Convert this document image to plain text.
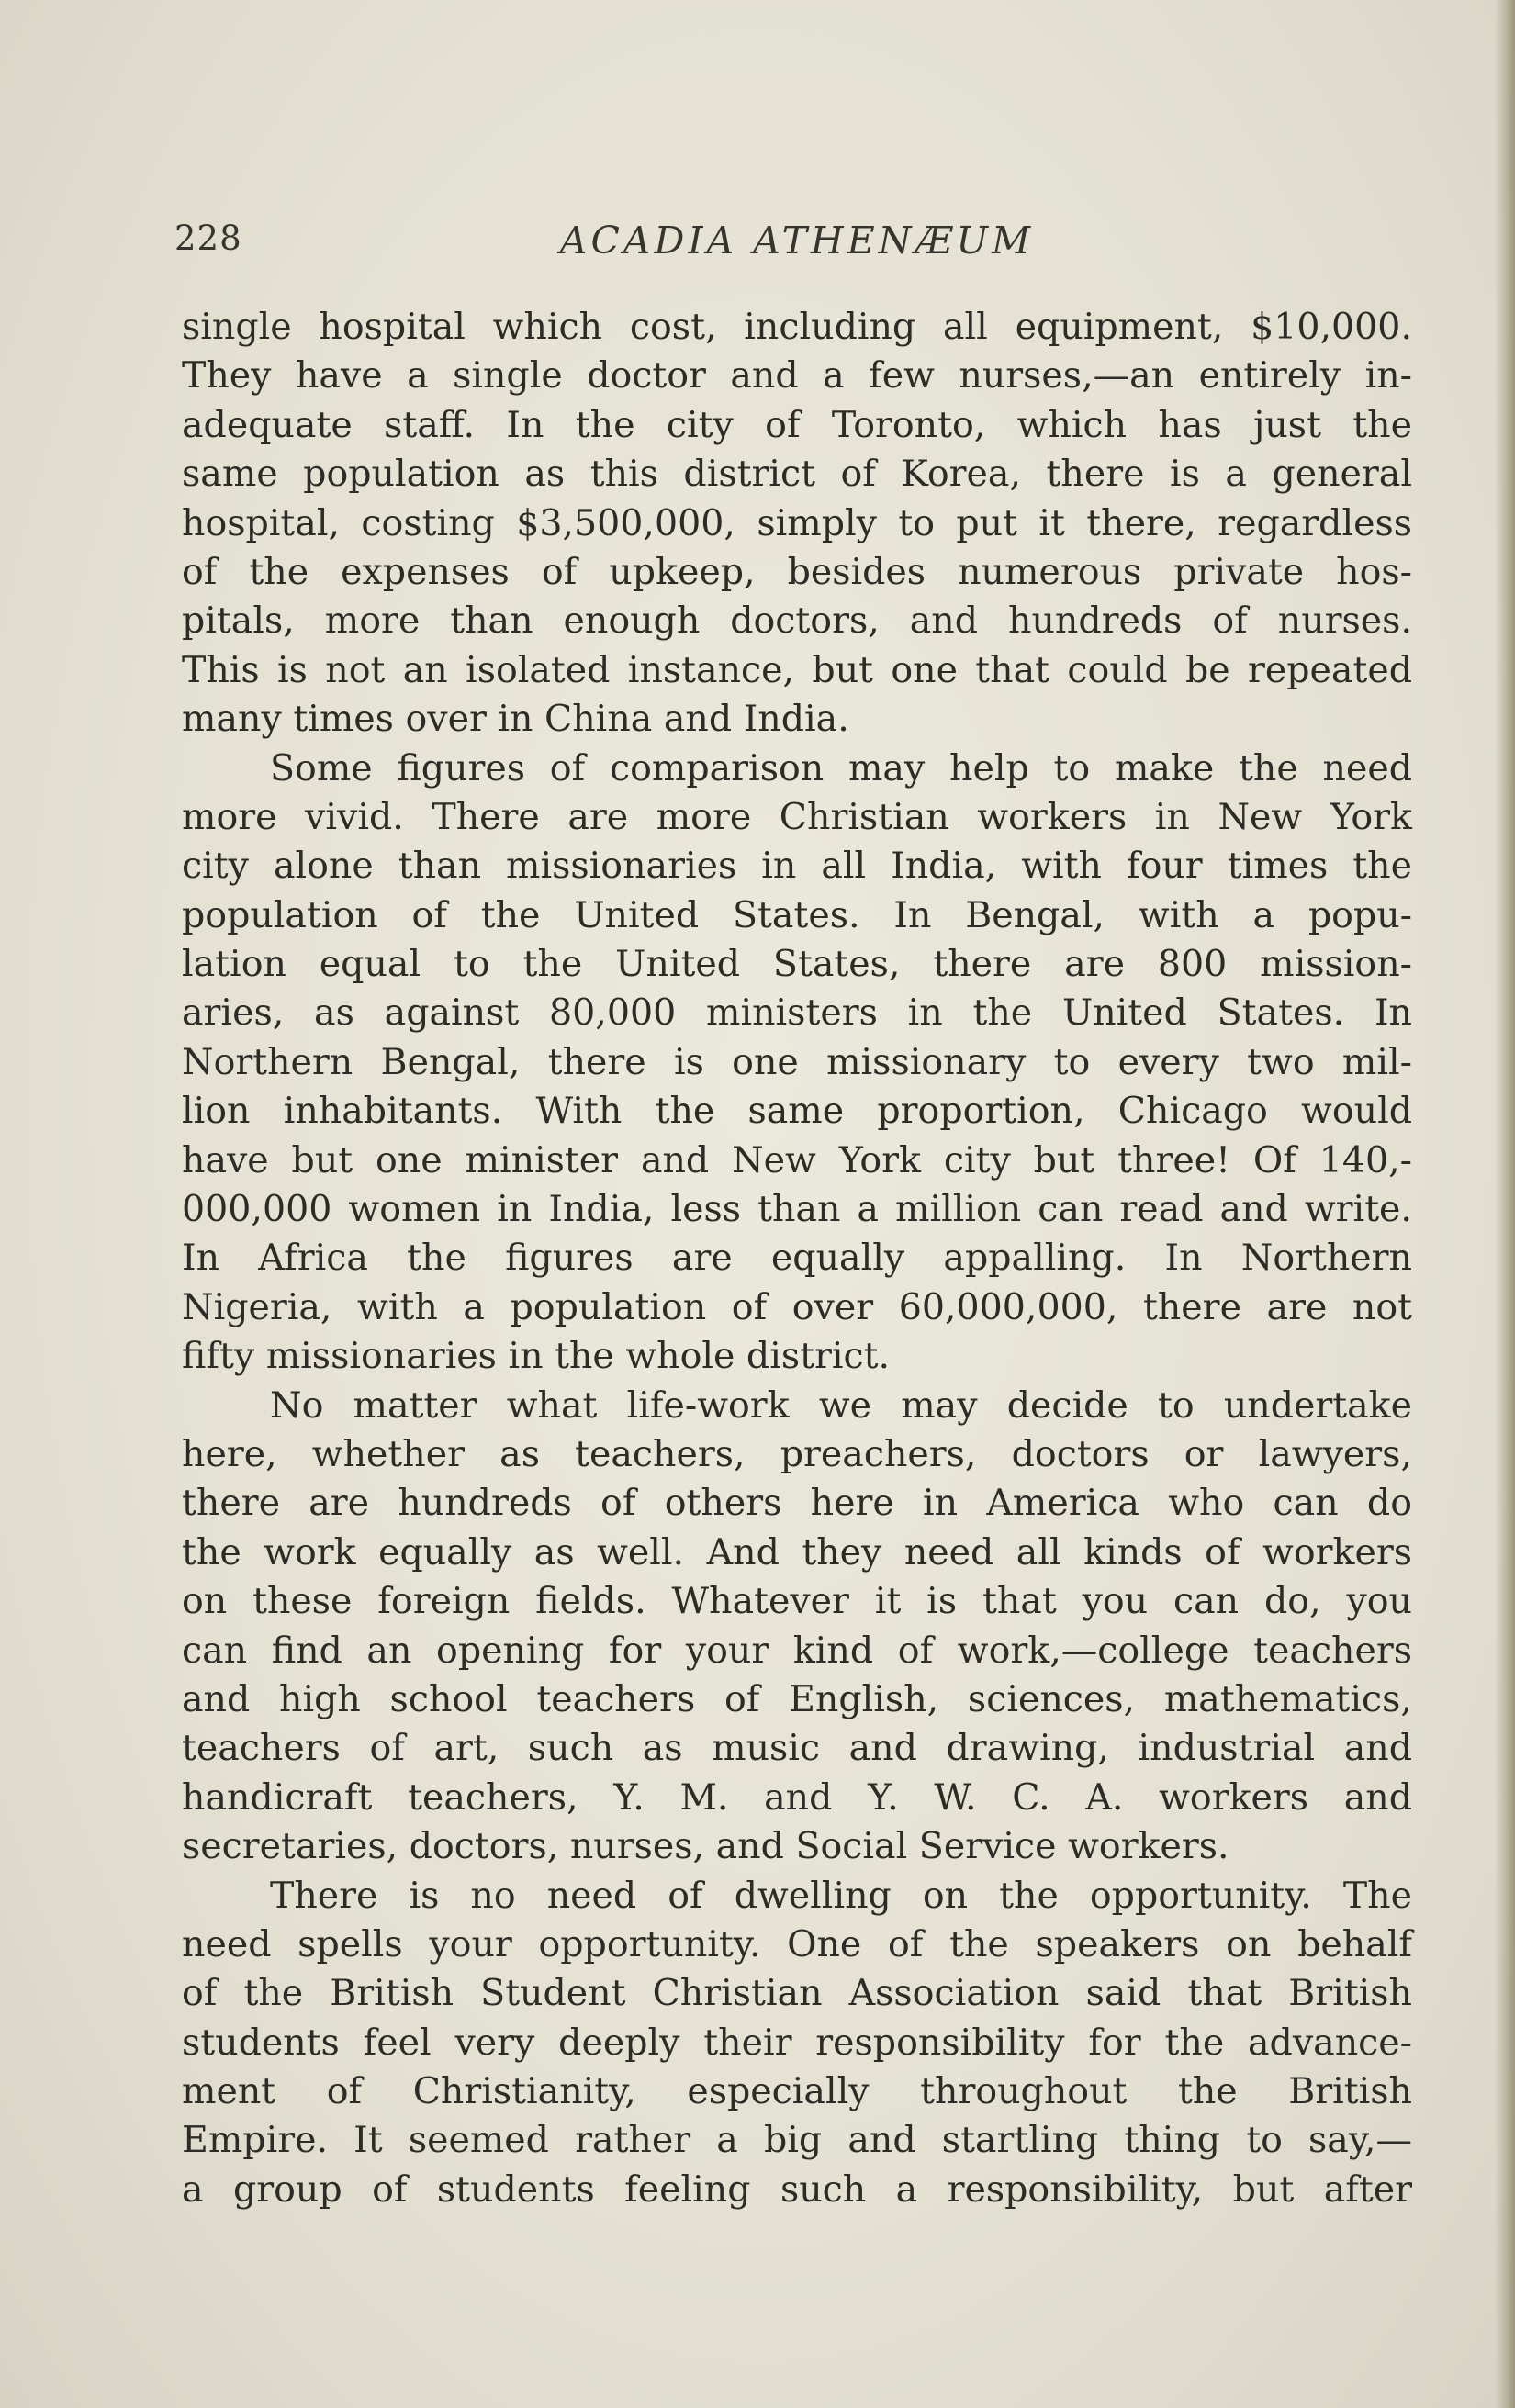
228	ACADIA ATHENÆUM
single hospital which cost, including all equipment, $10,000.
They have a single doctor and a few nurses,—an entirely in-
adequate staff. In the city of Toronto, which has just the
same population as this district of Korea, there is a general
hospital, costing $3,500,000, simply to put it there, regardless
of the expenses of upkeep, besides numerous private hos-
pitals, more than enough doctors, and hundreds of nurses.
This is not an isolated instance, but one that could be repeated
many times over in China and India.
Some figures of comparison may help to make the need
more vivid. There are more Christian workers in New York
city alone than missionaries in all India, with four times the
population of the United States. In Bengal, with a popu-
lation equal to the United States, there are 800 mission-
aries, as against 80,000 ministers in the United States. In
Northern Bengal, there is one missionary to every two mil-
lion inhabitants. With the same proportion, Chicago would
have but one minister and New York city but three! Of 140,-
000,000 women in India, less than a million can read and write.
In Africa the figures are equally appalling. In Northern
Nigeria, with a population of over 60,000,000, there are not
fifty missionaries in the whole district.
No matter what life-work we may decide to undertake
here, whether as teachers, preachers, doctors or lawyers,
there are hundreds of others here in America who can do
the work equally as well. And they need all kinds of workers
on these foreign fields. Whatever it is that you can do, you
can find an opening for your kind of work,—college teachers
and high school teachers of English, sciences, mathematics,
teachers of art, such as music and drawing, industrial and
handicraft teachers, Y. M. and Y. W. C. A. workers and
secretaries, doctors, nurses, and Social Service workers.
There is no need of dwelling on the opportunity. The
need spells your opportunity. One of the speakers on behalf
of the British Student Christian Association said that British
students feel very deeply their responsibility for the advance-
ment of Christianity, especially throughout the British
Empire. It seemed rather a big and startling thing to say,—
a group of students feeling such a responsibility, but after
